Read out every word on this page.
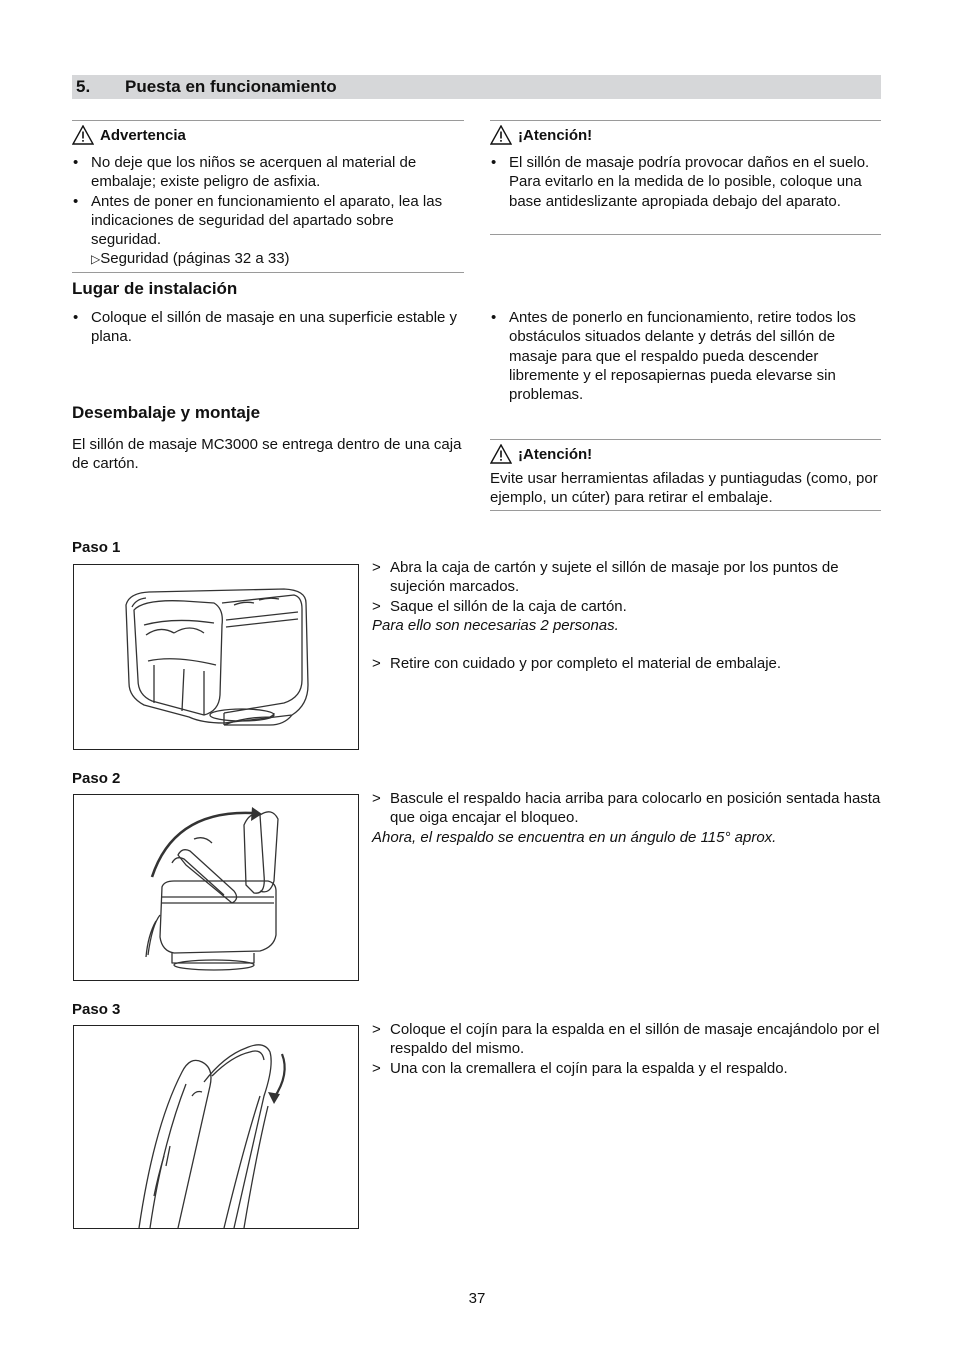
5. Puesta en funcionamiento
Advertencia
• No deje que los niños se acerquen al material de embalaje; existe peligro de asfixia.
• Antes de poner en funcionamiento el aparato, lea las indicaciones de seguridad del apartado sobre seguridad.
▷Seguridad (páginas 32 a 33)
¡Atención!
• El sillón de masaje podría provocar daños en el suelo. Para evitarlo en la medida de lo posible, coloque una base antideslizante apropiada debajo del aparato.
Lugar de instalación
• Coloque el sillón de masaje en una superficie estable y plana.
• Antes de ponerlo en funcionamiento, retire todos los obstáculos situados delante y detrás del sillón de masaje para que el respaldo pueda descender libremente y el reposapiernas pueda elevarse sin problemas.
Desembalaje y montaje
El sillón de masaje MC3000 se entrega dentro de una caja de cartón.
¡Atención!
Evite usar herramientas afiladas y puntiagudas (como, por ejemplo, un cúter) para retirar el embalaje.
Paso 1
> Abra la caja de cartón y sujete el sillón de masaje por los puntos de sujeción marcados.
> Saque el sillón de la caja de cartón.
Para ello son necesarias 2 personas.
> Retire con cuidado y por completo el material de embalaje.
Paso 2
> Bascule el respaldo hacia arriba para colocarlo en posición sentada hasta que oiga encajar el bloqueo.
Ahora, el respaldo se encuentra en un ángulo de 115° aprox.
Paso 3
> Coloque el cojín para la espalda en el sillón de masaje encajándolo por el respaldo del mismo.
> Una con la cremallera el cojín para la espalda y el respaldo.
37
